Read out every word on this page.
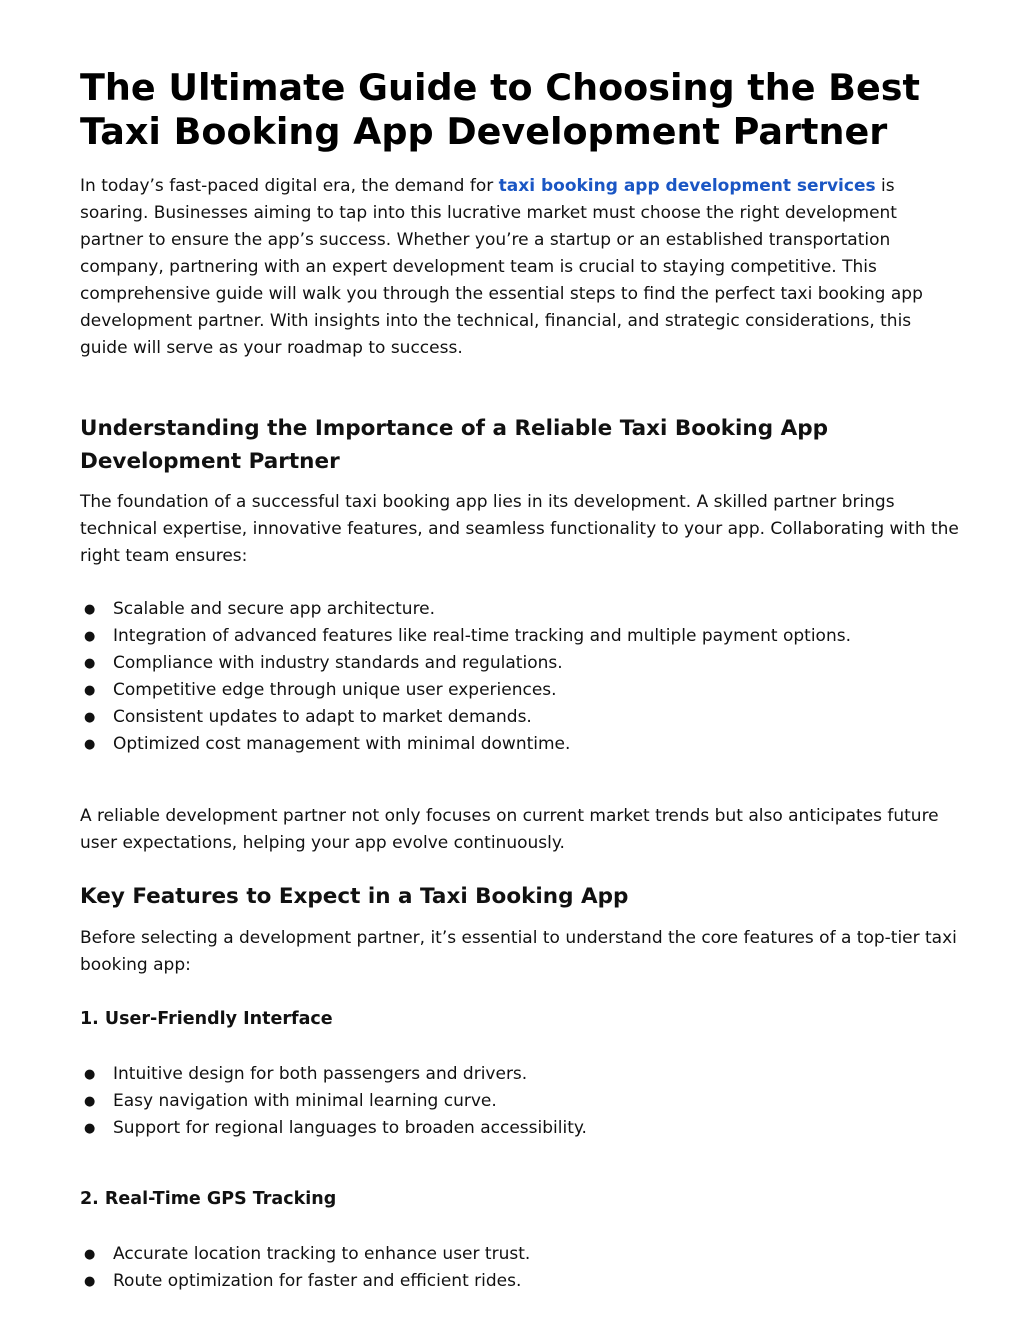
The Ultimate Guide to Choosing the Best
Taxi Booking App Development Partner

In today’s fast-paced digital era, the demand for taxi booking app development services is soaring. Businesses aiming to tap into this lucrative market must choose the right development partner to ensure the app’s success. Whether you’re a startup or an established transportation company, partnering with an expert development team is crucial to staying competitive. This comprehensive guide will walk you through the essential steps to find the perfect taxi booking app development partner. With insights into the technical, financial, and strategic considerations, this guide will serve as your roadmap to success.

Understanding the Importance of a Reliable Taxi Booking App Development Partner

The foundation of a successful taxi booking app lies in its development. A skilled partner brings technical expertise, innovative features, and seamless functionality to your app. Collaborating with the right team ensures:

● Scalable and secure app architecture.
● Integration of advanced features like real-time tracking and multiple payment options.
● Compliance with industry standards and regulations.
● Competitive edge through unique user experiences.
● Consistent updates to adapt to market demands.
● Optimized cost management with minimal downtime.

A reliable development partner not only focuses on current market trends but also anticipates future user expectations, helping your app evolve continuously.

Key Features to Expect in a Taxi Booking App

Before selecting a development partner, it’s essential to understand the core features of a top-tier taxi booking app:

1. User-Friendly Interface
● Intuitive design for both passengers and drivers.
● Easy navigation with minimal learning curve.
● Support for regional languages to broaden accessibility.
2. Real-Time GPS Tracking
● Accurate location tracking to enhance user trust.
● Route optimization for faster and efficient rides.
